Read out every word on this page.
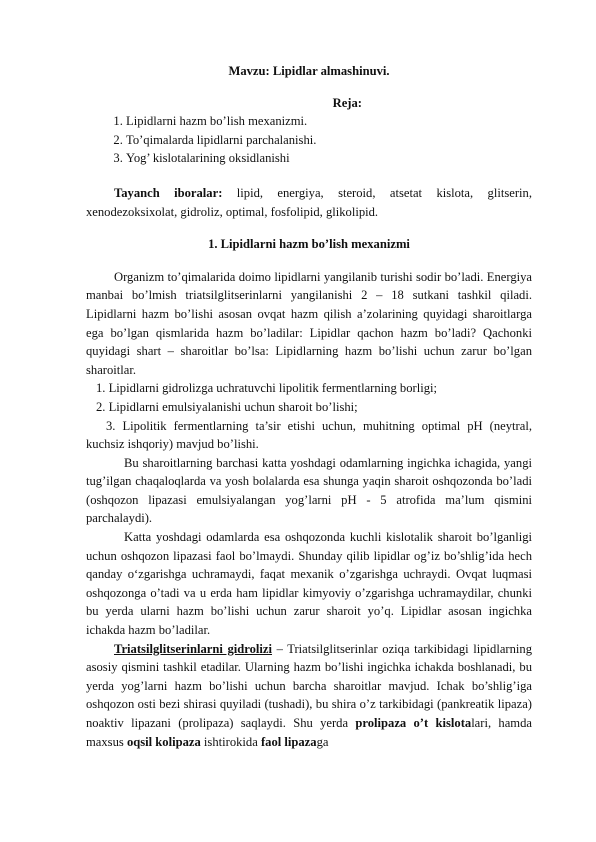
Mavzu: Lipidlar almashinuvi.

Reja:

1. Lipidlarni hazm bo’lish mexanizmi.
2. To’qimalarda lipidlarni parchalanishi.
3. Yog’ kislotalarining oksidlanishi

Tayanch iboralar: lipid, energiya, steroid, atsetat kislota, glitserin, xenodezoksixolat, gidroliz, optimal, fosfolipid, glikolipid.

1. Lipidlarni hazm bo’lish mexanizmi

Organizm to’qimalarida doimo lipidlarni yangilanib turishi sodir bo’ladi. Energiya manbai bo’lmish triatsilglitserinlarni yangilanishi 2 – 18 sutkani tashkil qiladi. Lipidlarni hazm bo’lishi asosan ovqat hazm qilish a’zolarining quyidagi sharoitlarga ega bo’lgan qismlarida hazm bo’ladilar: Lipidlar qachon hazm bo’ladi? Qachonki quyidagi shart – sharoitlar bo’lsa: Lipidlarning hazm bo’lishi uchun zarur bo’lgan sharoitlar.

1. Lipidlarni gidrolizga uchratuvchi lipolitik fermentlarning borligi;

2. Lipidlarni emulsiyalanishi uchun sharoit bo’lishi;

3. Lipolitik fermentlarning ta’sir etishi uchun, muhitning optimal pH (neytral, kuchsiz ishqoriy) mavjud bo’lishi.

Bu sharoitlarning barchasi katta yoshdagi odamlarning ingichka ichagida, yangi tug’ilgan chaqaloqlarda va yosh bolalarda esa shunga yaqin sharoit oshqozonda bo’ladi (oshqozon lipazasi emulsiyalangan yog’larni pH - 5 atrofida ma’lum qismini parchalaydi).

Katta yoshdagi odamlarda esa oshqozonda kuchli kislotalik sharoit bo’lganligi uchun oshqozon lipazasi faol bo’lmaydi. Shunday qilib lipidlar og’iz bo’shlig’ida hech qanday o‘zgarishga uchramaydi, faqat mexanik o’zgarishga uchraydi. Ovqat luqmasi oshqozonga o’tadi va u erda ham lipidlar kimyoviy o’zgarishga uchramaydilar, chunki bu yerda ularni hazm bo’lishi uchun zarur sharoit yo’q. Lipidlar asosan ingichka ichakda hazm bo’ladilar.

Triatsilglitserinlarni gidrolizi – Triatsilglitserinlar oziqa tarkibidagi lipidlarning asosiy qismini tashkil etadilar. Ularning hazm bo’lishi ingichka ichakda boshlanadi, bu yerda yog’larni hazm bo’lishi uchun barcha sharoitlar mavjud. Ichak bo’shlig’iga oshqozon osti bezi shirasi quyiladi (tushadi), bu shira o’z tarkibidagi (pankreatik lipaza) noaktiv lipazani (prolipaza) saqlaydi. Shu yerda prolipaza o’t kislotalari, hamda maxsus oqsil kolipaza ishtirokida faol lipazaga
